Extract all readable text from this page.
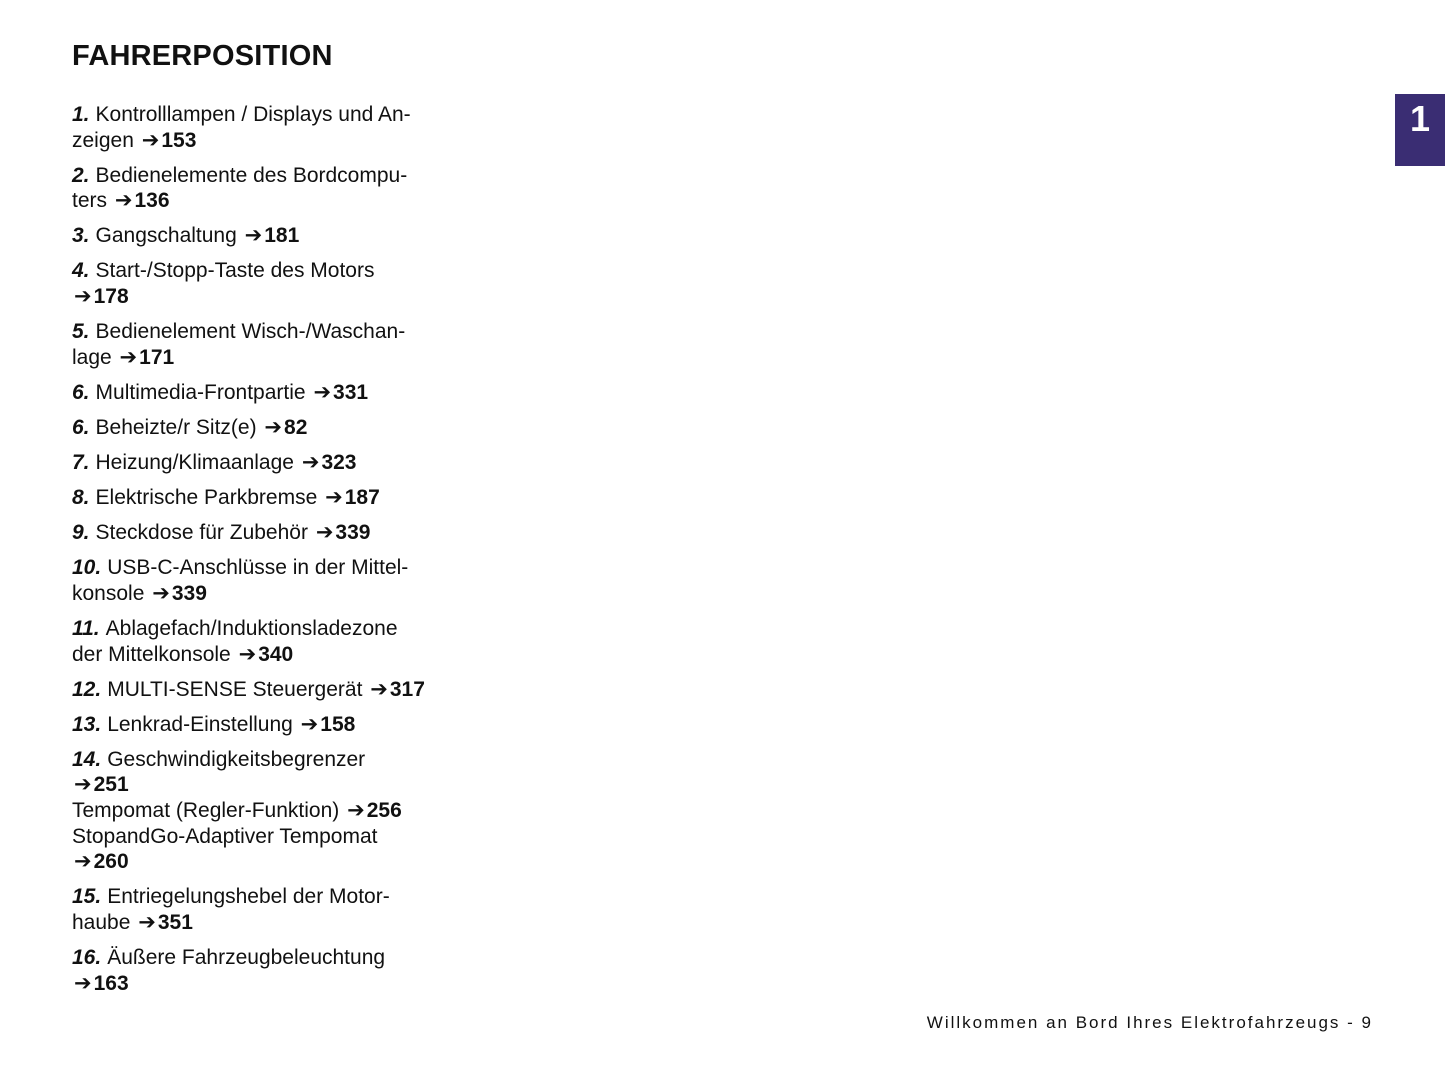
FAHRERPOSITION
1. Kontrolllampen / Displays und An-
zeigen ➔153
2. Bedienelemente des Bordcompu-
ters ➔136
3. Gangschaltung ➔181
4. Start-/Stopp-Taste des Motors
➔178
5. Bedienelement Wisch-/Waschan-
lage ➔171
6. Multimedia-Frontpartie ➔331
6. Beheizte/r Sitz(e) ➔82
7. Heizung/Klimaanlage ➔323
8. Elektrische Parkbremse ➔187
9. Steckdose für Zubehör ➔339
10. USB-C-Anschlüsse in der Mittel-
konsole ➔339
11. Ablagefach/Induktionsladezone
der Mittelkonsole ➔340
12. MULTI-SENSE Steuergerät ➔317
13. Lenkrad-Einstellung ➔158
14. Geschwindigkeitsbegrenzer
➔251
Tempomat (Regler-Funktion) ➔256
StopandGo-Adaptiver Tempomat
➔260
15. Entriegelungshebel der Motor-
haube ➔351
16. Äußere Fahrzeugbeleuchtung
➔163
1
Willkommen an Bord Ihres Elektrofahrzeugs - 9
